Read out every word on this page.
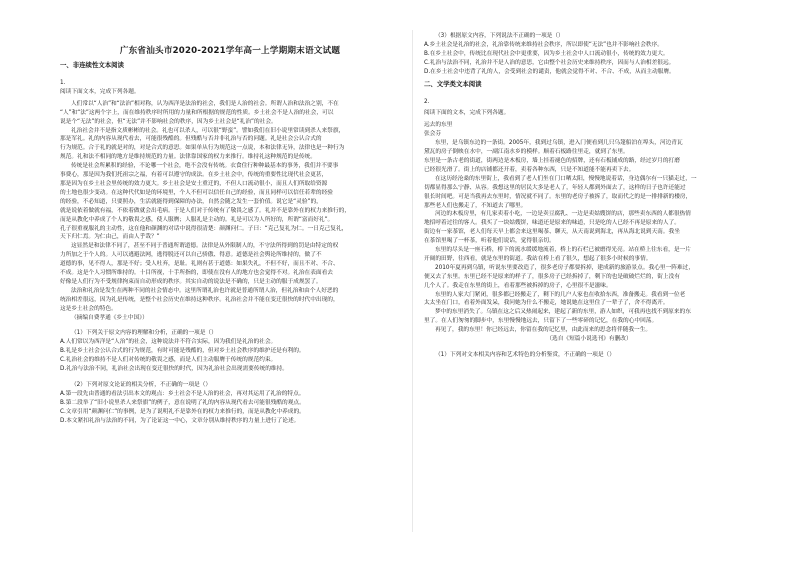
广东省汕头市2020-2021学年高一上学期期末语文试题
一、非连续性文本阅读
1.
阅读下面文本，完成下列各题。
人们常以“人治”和“法治”相对称，认为西洋是法治的社会，我们是人治的社会。所谓人治和法治之别，不在
“人”和“法”这两个字上，而在维持秩序时所用的力量和所根据的规范的性质。乡土社会不是人治的社会，可以
说是个“无法”的社会，但“无法”并不影响社会的秩序，因为乡土社会是“礼治”的社会。
礼治社会并不是指文质彬彬的社会。礼也可以杀人，可以很“野蛮”。譬如我们在旧小说里常读到杀人来祭旗，
那是军礼。礼的内容从现代看去，可能很残酷的。但残酷与否并非礼治与否的问题。礼是社会公认合式的
行为规范。合于礼的就是对的，对是合式的意思。如果单从行为规范这一点说，本和法律无异，法律也是一种行为
规范。礼和法不相同的地方是维持规范的力量。法律靠国家的权力来推行。维持礼这种规范的是传统。
传统是社会所累积的经验，不论哪一个社会，绝不会没有传统。衣食住行种种最基本的事务，我们并不要事
事费心，那是因为我们托祖宗之福，有着可以遵守的成法。在乡土社会中，传统的重要性比现代社会更甚，
那是因为在乡土社会里传统的效力更大。乡土社会是安土重迁的，不但人口流动很小，而且人们所取给资源
的土地也很少变动。在这种代代如是的环境里，个人不但可以信任自己的经验，而且同样可以信任若辈的经验
的经验，不必知道，只要照办，生活就能得到保障的办法，自然会随之发生一套价值。说它是“灵验”的，
就是说依着做就有福，不依着做就会出毛病。于是人们对于传统有了敬畏之感了。礼并不是靠外在的权力来推行的，
而是从教化中养成了个人的敬畏之感，使人服膺；人服礼是主动的。礼是可以为人所好的，所谓“富而好礼”。
孔子很重视服礼的主动性，这在他和颜渊的对话中说得很清楚：颜渊问仁。子曰：“克己复礼为仁。一日克己复礼，
天下归仁焉。为仁由己，而由人乎哉？”
这显然是和法律不同了，甚至不同于普通所谓道德。法律是从外限制人的，不守法所得到的罚是由特定的权
力所加之于个人的。人可以逃避法网，逃得脱还可以自己骄傲、得意。道德是社会舆论所维持的，做了不
道德的事，见不得人，那是不好；受人吐弃，是耻。礼则有甚于道德：如果失礼，不但不好，而且不对、不合、
不成。这是个人习惯所维持的。十目所视，十手所指的，即使在没有人的地方也会觉得不对。礼治在表面看去
好像是人们行为不受规律拘束而自动形成的秩序。其实自动的说法是不确的，只是主动的服于成规罢了。
法治和礼治是发生在两种不同的社会情态中。这里所谓礼治也许就是普通所谓人治，但礼治和由个人好恶的
统治相差很远，因为礼是传统，是整个社会历史在维持这种秩序。礼治社会并不能在变迁很快的时代中出现的，
这是乡土社会的特色。
（摘编自费孝通《乡土中国》）
（1）下列关于原文内容的理解和分析，正确的一项是（）
A.人们常以为西洋是“人治”的社会，这种说法并不符合实际，因为我们是礼治的社会。
B.礼是乡土社会公认合式的行为规范，有时可能是残酷的，但对乡土社会秩序的维护还是有利的。
C.礼治社会的维持不是人们对传统的敬畏之感，而是人们主动服膺于传统的规范约束。
D.礼治与法治不同，礼治社会出现在变迁很快的时代，因为礼治社会出现需要传统的维持。
（2）下列对原文论证的相关分析，不正确的一项是（）
A.第一段先由普通的看法引出本文的观点：乡土社会不是人治的社会，再对其运用了礼治的特点。
B.第二段举了“旧小说里杀人来祭旗”的例子，意在说明了礼的内容从现代看去可能很残酷的观点。
C.文章引用“颜渊问仁”的事例，是为了说明礼不是靠外在的权力来推行的，而是从教化中养成的。
D.本文紧扣礼治与法治的不同，为了论证这一中心，文章分别从维持秩序的力量上进行了论述。
（3）根据原文内容，下列说法不正确的一项是（）
A.乡土社会是礼治的社会，礼治靠传统来维持社会秩序，所以即使“无法”也并不影响社会秩序。
B.在乡土社会中，传统比在现代社会中更重要，因为乡土社会中人口流动很小，传统的效力更大。
C.礼治与法治不同，礼治并不是人治的意思，它由整个社会历史来维持秩序，因而与人治相差很远。
D.在乡土社会中违背了礼的人，会受到社会的谴责，他就会觉得不对、不合、不成，从而主动服膺。
二、文学类文本阅读
2.
阅读下面的文本，完成下列各题。
远去的东里
张会芬
东里，是乌镇东边的一条街。2005年，我到过乌镇，进入门便看到几只乌篷船泊在埠头，河边青瓦
黛瓦的房子倒映在水中，一副江南水乡的模样。顺着石板路往里走，就到了东里。
东里是一条古老的街道，街两边是木板房，墙上挂着褪色的招牌，还有石板铺成的路，经过岁月的打磨
已经很光滑了。街上的店铺都还开着，卖着各种东西，只是不知道能不能再卖下去。
在这历经沧桑的东里街上，我看到了老人们坐在门口晒太阳，慢慢地说着话，身边偶尔有一只猫走过，一
切都显得那么宁静、从容。我想这里的居民大多是老人了，年轻人都到外面去了，这样的日子也许还能过
很长时间吧。可是当我再去东里时，情况就不同了。东里的老房子被拆了，取而代之的是一排排新的楼房，
那些老人们也搬走了，不知道去了哪里。
河边的木板房里，有几家卖着小吃，一边是卖豆腐乳、一边是卖姑嫂饼的店，那些卖东西的人都很热情
地招呼着过往的客人。我买了一块姑嫂饼，味道还是原来的味道，只是吃的人已经不再是原来的人了。
街边有一家茶馆，老人们每天早上都会来这里喝茶、聊天，从天南说到海北，再从海北说到天南。我坐
在茶馆里喝了一杯茶，听着他们说话，觉得很亲切。
东里的尽头是一座石桥，桥下的流水缓缓地流着，桥上的石栏已被磨得光亮。站在桥上往东看，是一片
开阔的田野，往西看，就是东里的街道。我站在桥上看了很久，想起了很多小时候的事情。
2010年夏再到乌镇，听说东里要改造了，很多老房子都要拆掉，建成新的旅游景点。我心里一阵难过，
便又去了东里。东里已经不是原来的样子了，很多房子已经拆掉了，剩下的也是破破烂烂的，街上没有
几个人了。我走在东里的街上，看着那些被拆掉的房子，心里很不是滋味。
东里的人家大门紧闭，很多都已经搬走了，剩下的几户人家也在收拾东西，准备搬走。我看到一位老
太太坐在门口，看着外面发呆，我问她为什么不搬走，她说她在这里住了一辈子了，舍不得离开。
梦中的东里消失了。乌镇在这之后又热闹起来，建起了新的东里，游人如织，可我再也找不到原来的东
里了。在人们匆匆的脚步中，东里慢慢地远去，只留下了一些零碎的记忆，在我的心中回荡。
再见了，我的东里！你已经远去，你留在我的记忆里，由此而来的思念将伴随我一生。
（选自《短篇小说选刊》有删改）
（1）下列对文本相关内容和艺术特色的分析鉴赏，不正确的一项是（）
